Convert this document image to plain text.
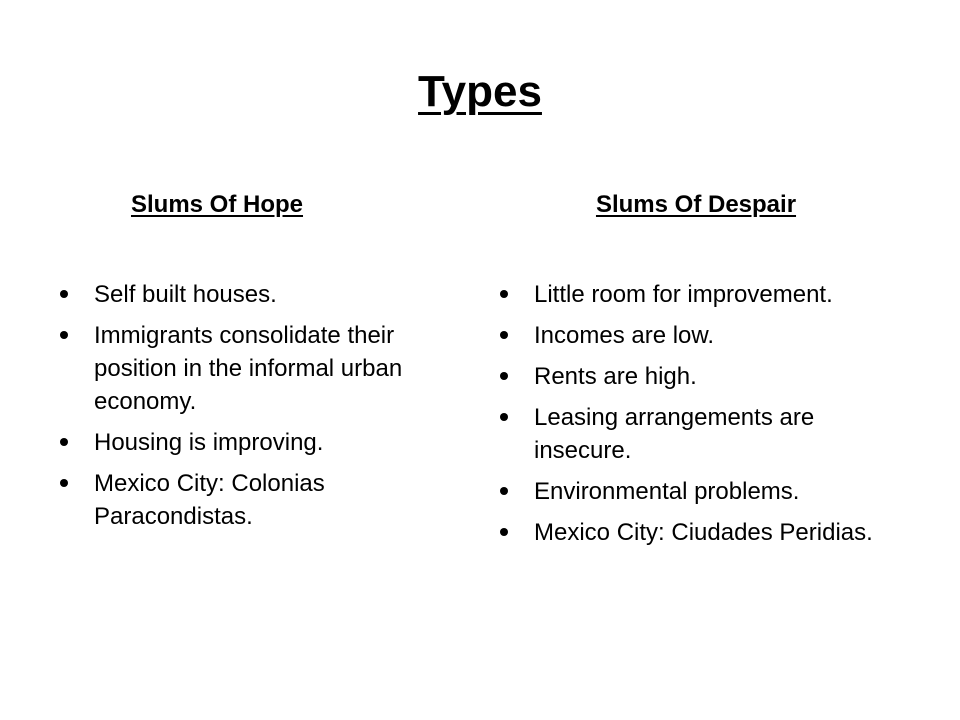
Types
Slums Of Hope
Self built houses.
Immigrants consolidate their position in the informal urban economy.
Housing is improving.
Mexico City: Colonias Paracondistas.
Slums Of Despair
Little room for improvement.
Incomes are low.
Rents are high.
Leasing arrangements are insecure.
Environmental problems.
Mexico City: Ciudades Peridias.
